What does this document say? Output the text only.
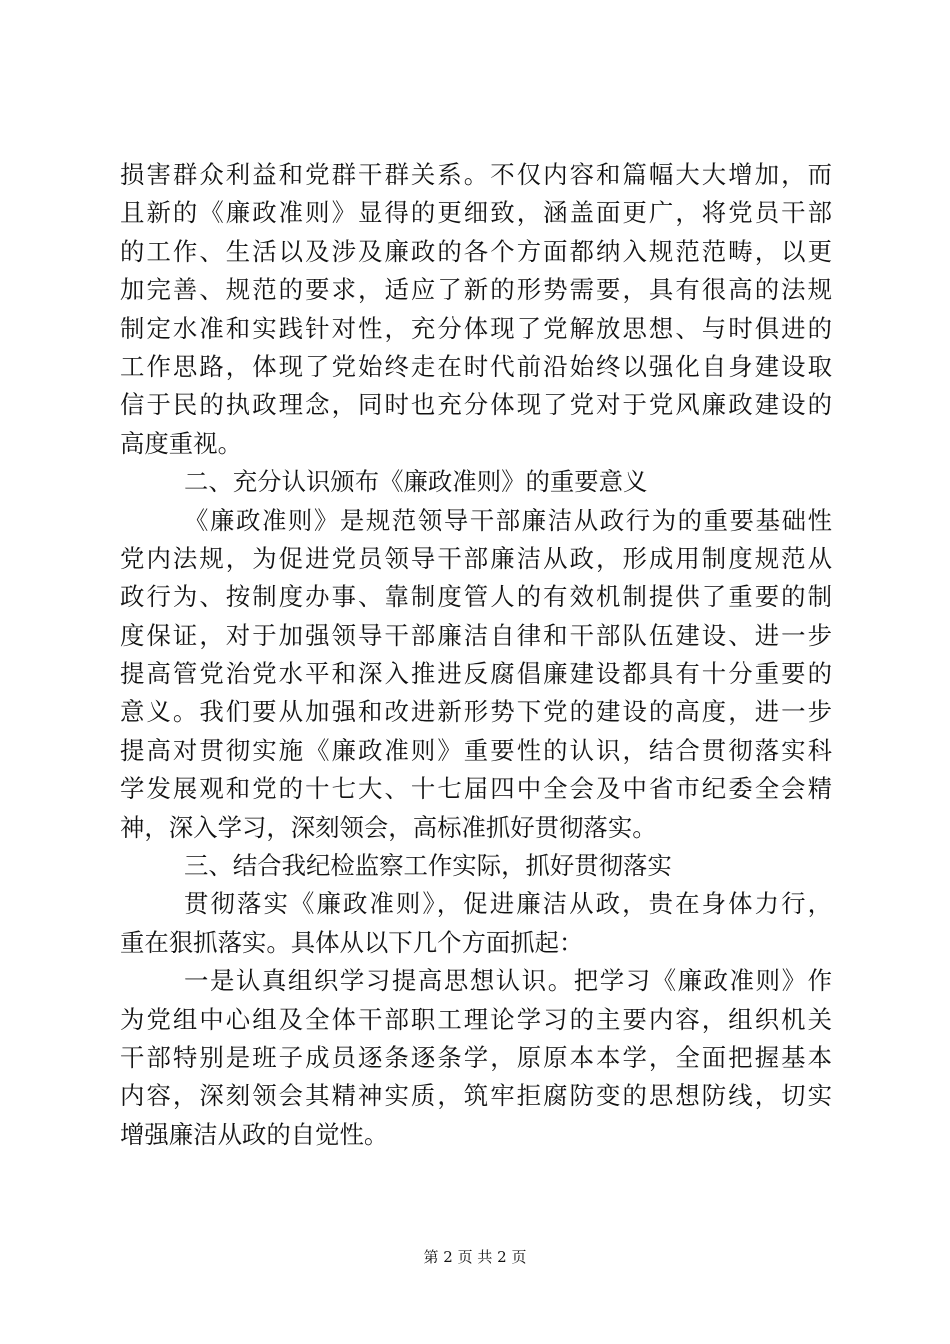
损害群众利益和党群干群关系。不仅内容和篇幅大大增加，而
且新的《廉政准则》显得的更细致，涵盖面更广，将党员干部
的工作、生活以及涉及廉政的各个方面都纳入规范范畴，以更
加完善、规范的要求，适应了新的形势需要，具有很高的法规
制定水准和实践针对性，充分体现了党解放思想、与时俱进的
工作思路，体现了党始终走在时代前沿始终以强化自身建设取
信于民的执政理念，同时也充分体现了党对于党风廉政建设的
高度重视。
二、充分认识颁布《廉政准则》的重要意义
《廉政准则》是规范领导干部廉洁从政行为的重要基础性
党内法规，为促进党员领导干部廉洁从政，形成用制度规范从
政行为、按制度办事、靠制度管人的有效机制提供了重要的制
度保证，对于加强领导干部廉洁自律和干部队伍建设、进一步
提高管党治党水平和深入推进反腐倡廉建设都具有十分重要的
意义。我们要从加强和改进新形势下党的建设的高度，进一步
提高对贯彻实施《廉政准则》重要性的认识，结合贯彻落实科
学发展观和党的十七大、十七届四中全会及中省市纪委全会精
神，深入学习，深刻领会，高标准抓好贯彻落实。
三、结合我纪检监察工作实际，抓好贯彻落实
贯彻落实《廉政准则》，促进廉洁从政，贵在身体力行，
重在狠抓落实。具体从以下几个方面抓起：
一是认真组织学习提高思想认识。把学习《廉政准则》作
为党组中心组及全体干部职工理论学习的主要内容，组织机关
干部特别是班子成员逐条逐条学，原原本本学，全面把握基本
内容，深刻领会其精神实质，筑牢拒腐防变的思想防线，切实
增强廉洁从政的自觉性。
第 2 页 共 2 页
